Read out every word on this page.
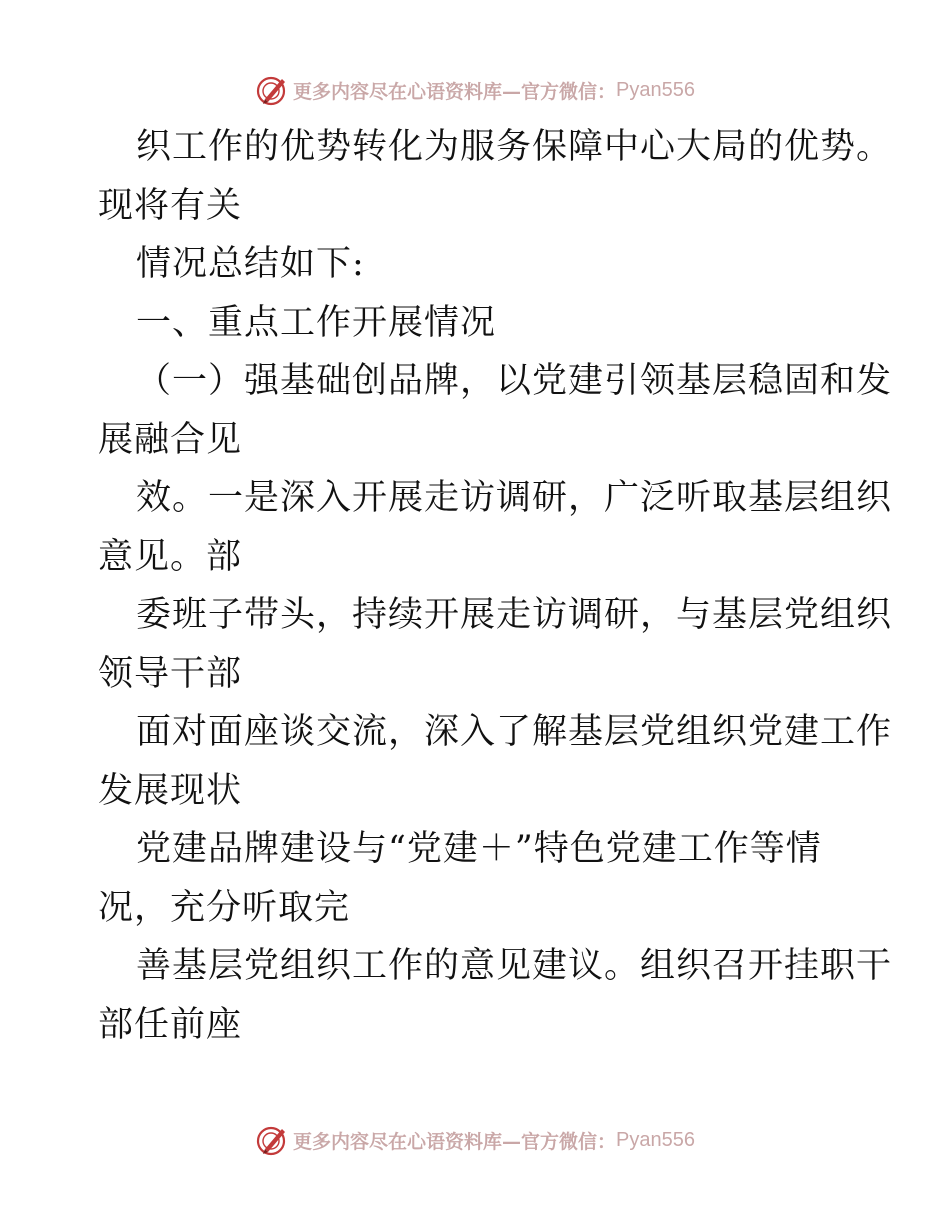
更多内容尽在心语资料库—官方微信： Pyan556
织工作的优势转化为服务保障中心大局的优势。
现将有关
情况总结如下:
一、重点工作开展情况
（一）强基础创品牌，以党建引领基层稳固和发
展融合见
效。一是深入开展走访调研，广泛听取基层组织
意见。部
委班子带头，持续开展走访调研，与基层党组织
领导干部
面对面座谈交流，深入了解基层党组织党建工作
发展现状
党建品牌建设与“党建＋”特色党建工作等情
况，充分听取完
善基层党组织工作的意见建议。组织召开挂职干
部任前座
更多内容尽在心语资料库—官方微信： Pyan556
